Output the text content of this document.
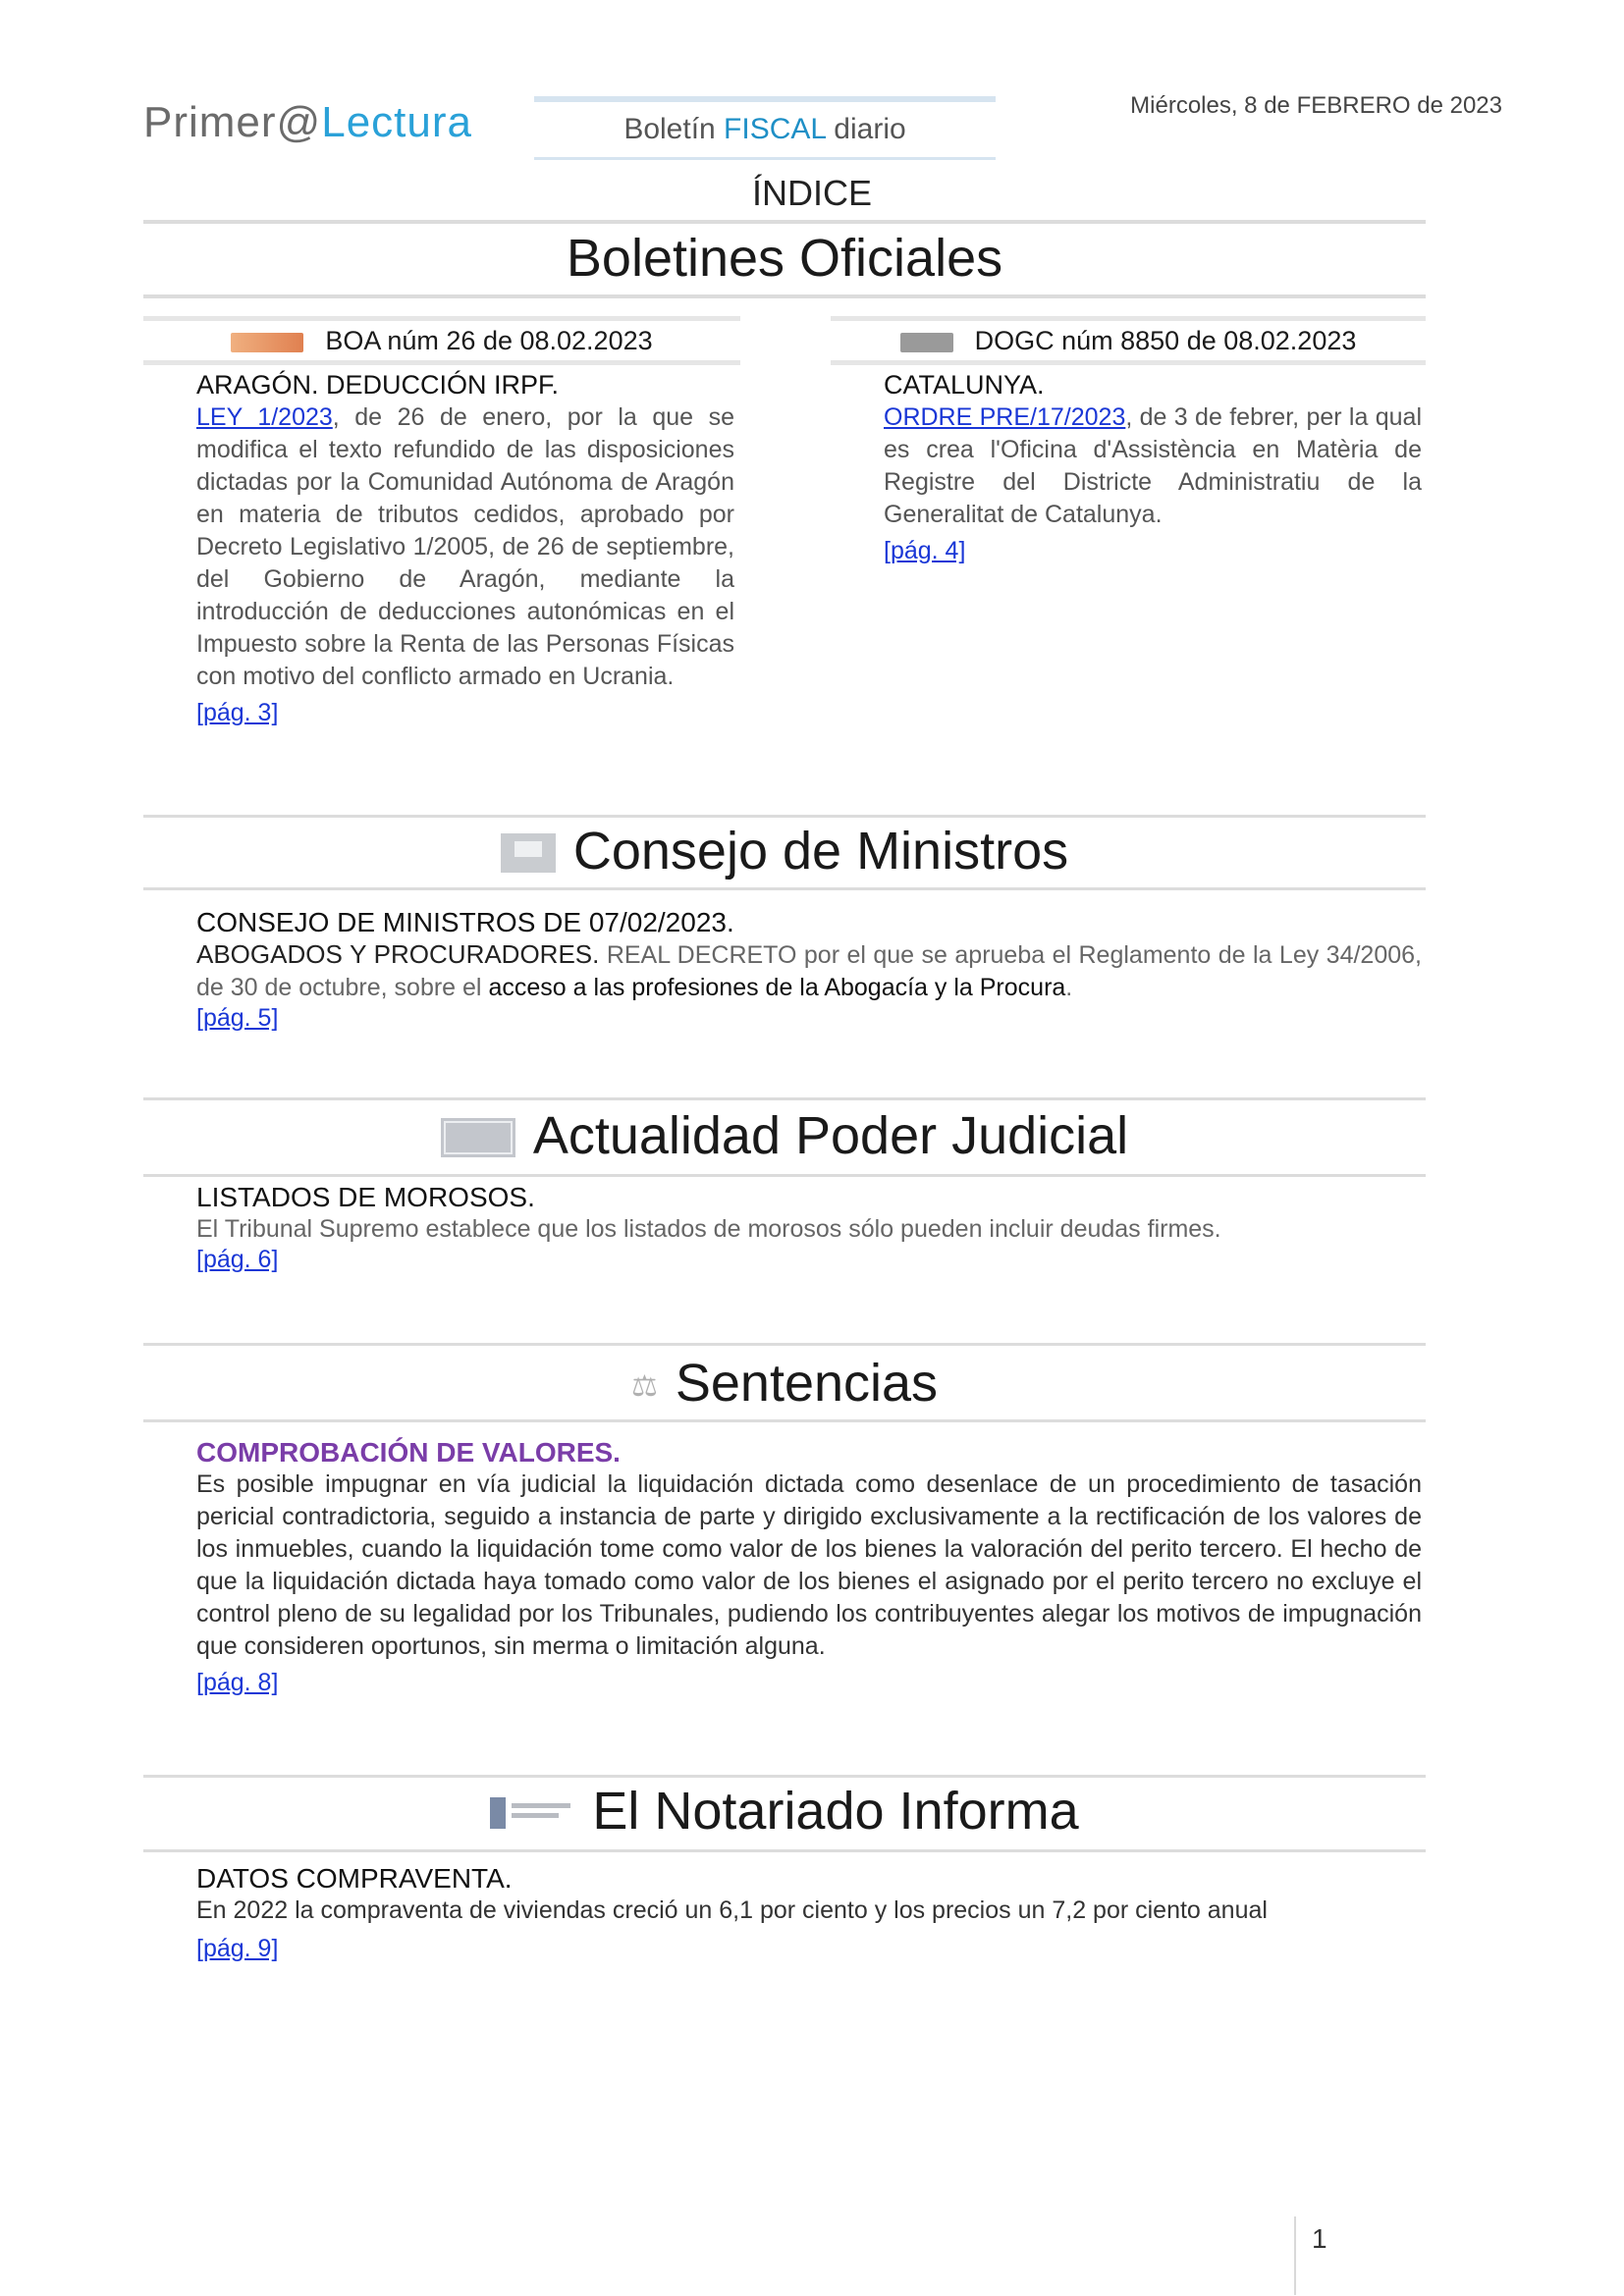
Primer@Lectura	Boletín FISCAL diario
Miércoles, 8 de FEBRERO de 2023
ÍNDICE
Boletines Oficiales
BOA núm 26 de 08.02.2023
ARAGÓN. DEDUCCIÓN IRPF.
LEY 1/2023, de 26 de enero, por la que se modifica el texto refundido de las disposiciones dictadas por la Comunidad Autónoma de Aragón en materia de tributos cedidos, aprobado por Decreto Legislativo 1/2005, de 26 de septiembre, del Gobierno de Aragón, mediante la introducción de deducciones autonómicas en el Impuesto sobre la Renta de las Personas Físicas con motivo del conflicto armado en Ucrania.
[pág. 3]
DOGC núm 8850 de 08.02.2023
CATALUNYA.
ORDRE PRE/17/2023, de 3 de febrer, per la qual es crea l'Oficina d'Assistència en Matèria de Registre del Districte Administratiu de la Generalitat de Catalunya.
[pág. 4]
Consejo de Ministros
CONSEJO DE MINISTROS DE 07/02/2023.
ABOGADOS Y PROCURADORES. REAL DECRETO por el que se aprueba el Reglamento de la Ley 34/2006, de 30 de octubre, sobre el acceso a las profesiones de la Abogacía y la Procura.
[pág. 5]
Actualidad Poder Judicial
LISTADOS DE MOROSOS.
El Tribunal Supremo establece que los listados de morosos sólo pueden incluir deudas firmes.
[pág. 6]
⚖ Sentencias
COMPROBACIÓN DE VALORES.
Es posible impugnar en vía judicial la liquidación dictada como desenlace de un procedimiento de tasación pericial contradictoria, seguido a instancia de parte y dirigido exclusivamente a la rectificación de los valores de los inmuebles, cuando la liquidación tome como valor de los bienes la valoración del perito tercero. El hecho de que la liquidación dictada haya tomado como valor de los bienes el asignado por el perito tercero no excluye el control pleno de su legalidad por los Tribunales, pudiendo los contribuyentes alegar los motivos de impugnación que consideren oportunos, sin merma o limitación alguna.
[pág. 8]
El Notariado Informa
DATOS COMPRAVENTA.
En 2022 la compraventa de viviendas creció un 6,1 por ciento y los precios un 7,2 por ciento anual
[pág. 9]
1
